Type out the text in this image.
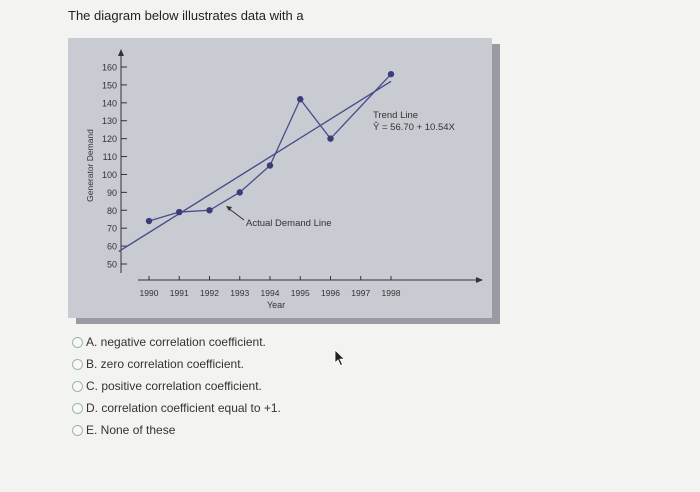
The diagram below illustrates data with a
160
150
140
130
120
110
100
90
80
70
60
50
Generator Demand
1990 1991 1992 1993 1994 1995 1996 1997 1998
Year
Actual Demand Line
Trend Line
Ŷ = 56.70 + 10.54X
A. negative correlation coefficient.
B. zero correlation coefficient.
C. positive correlation coefficient.
D. correlation coefficient equal to +1.
E. None of these
